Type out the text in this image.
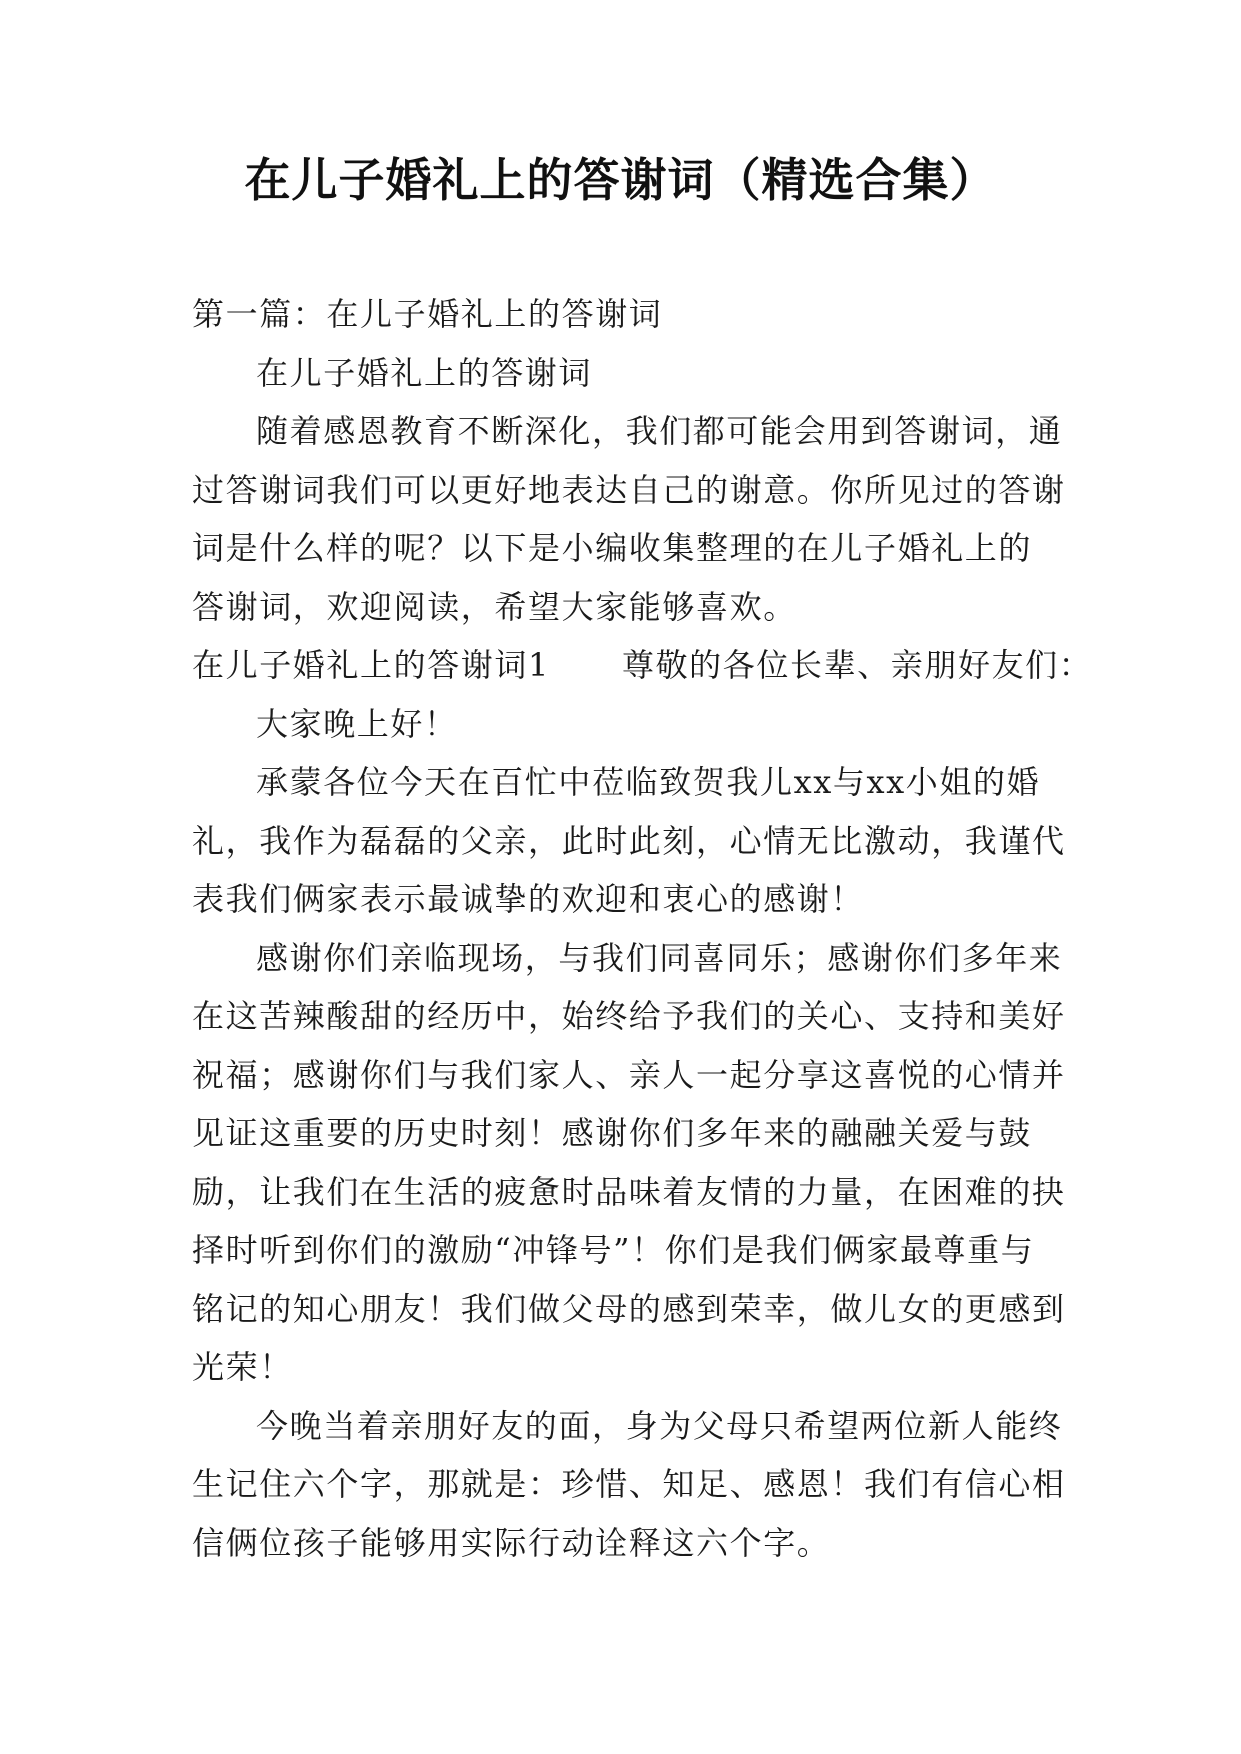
在儿子婚礼上的答谢词（精选合集）

第一篇：在儿子婚礼上的答谢词

在儿子婚礼上的答谢词

随着感恩教育不断深化，我们都可能会用到答谢词，通

过答谢词我们可以更好地表达自己的谢意。你所见过的答谢

词是什么样的呢？以下是小编收集整理的在儿子婚礼上的

答谢词，欢迎阅读，希望大家能够喜欢。

在儿子婚礼上的答谢词1 尊敬的各位长辈、亲朋好友们：

大家晚上好！

承蒙各位今天在百忙中莅临致贺我儿xx与xx小姐的婚

礼，我作为磊磊的父亲，此时此刻，心情无比激动，我谨代

表我们俩家表示最诚挚的欢迎和衷心的感谢！

感谢你们亲临现场，与我们同喜同乐；感谢你们多年来

在这苦辣酸甜的经历中，始终给予我们的关心、支持和美好

祝福；感谢你们与我们家人、亲人一起分享这喜悦的心情并

见证这重要的历史时刻！感谢你们多年来的融融关爱与鼓

励，让我们在生活的疲惫时品味着友情的力量，在困难的抉

择时听到你们的激励“冲锋号”！你们是我们俩家最尊重与

铭记的知心朋友！我们做父母的感到荣幸，做儿女的更感到

光荣！

今晚当着亲朋好友的面，身为父母只希望两位新人能终

生记住六个字，那就是：珍惜、知足、感恩！我们有信心相

信俩位孩子能够用实际行动诠释这六个字。
